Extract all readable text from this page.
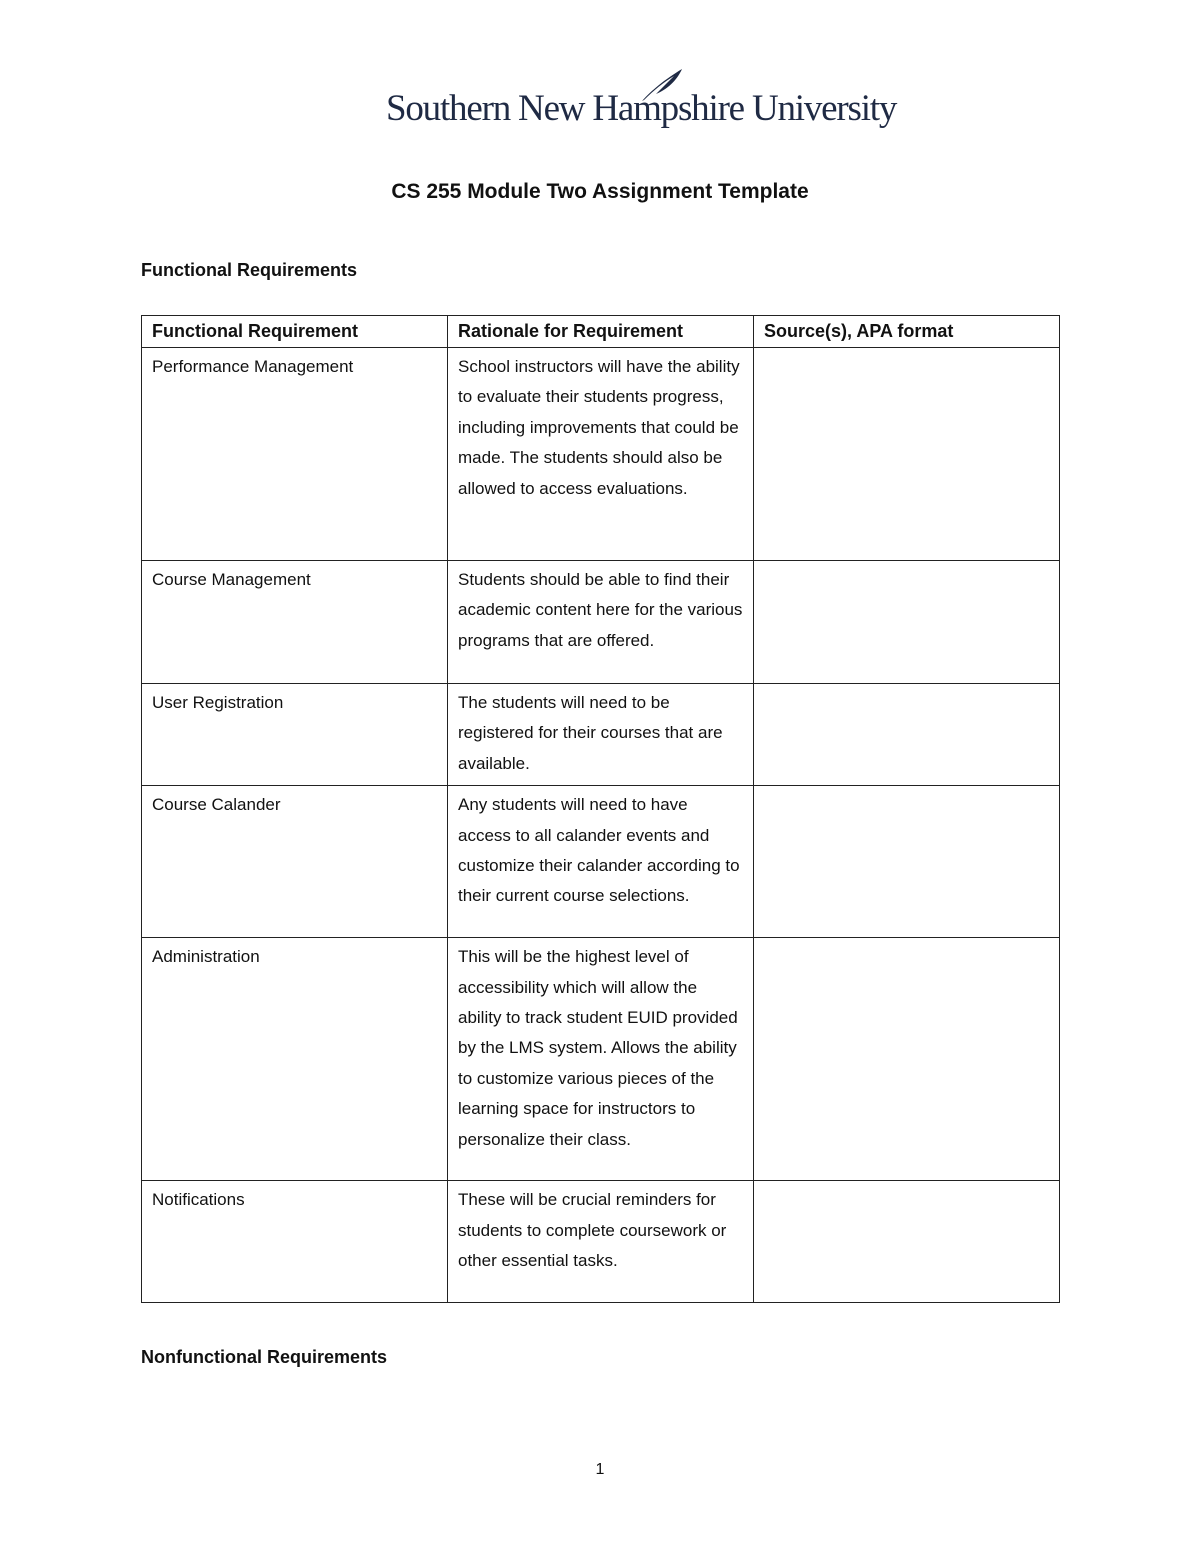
Southern New Hampshire University
CS 255 Module Two Assignment Template
Functional Requirements
Functional Requirement	Rationale for Requirement	Source(s), APA format
Performance Management	School instructors will have the ability to evaluate their students progress, including improvements that could be made. The students should also be allowed to access evaluations.	
Course Management	Students should be able to find their academic content here for the various programs that are offered.	
User Registration	The students will need to be registered for their courses that are available.	
Course Calander	Any students will need to have access to all calander events and customize their calander according to their current course selections.	
Administration	This will be the highest level of accessibility which will allow the ability to track student EUID provided by the LMS system. Allows the ability to customize various pieces of the learning space for instructors to personalize their class.	
Notifications	These will be crucial reminders for students to complete coursework or other essential tasks.	
Nonfunctional Requirements

1
